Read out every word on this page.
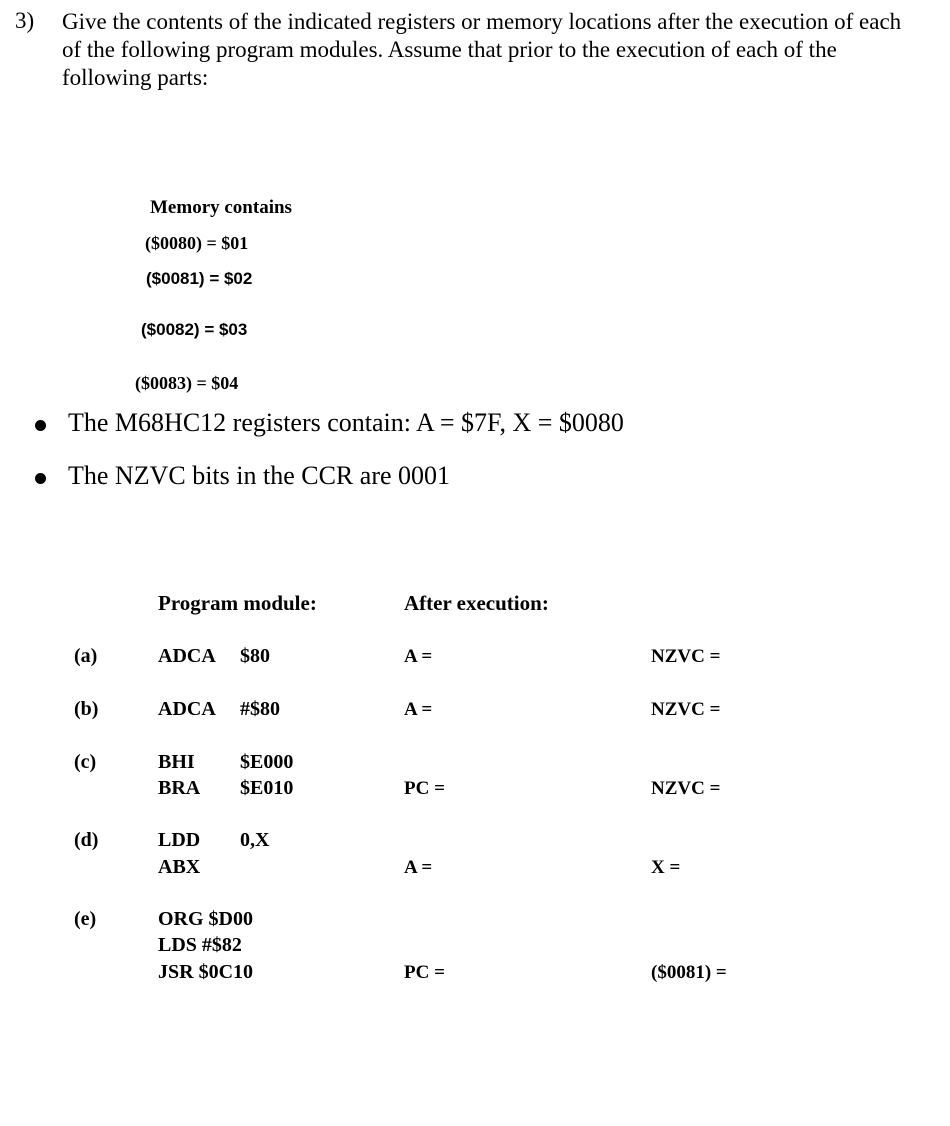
3) Give the contents of the indicated registers or memory locations after the execution of each of the following program modules. Assume that prior to the execution of each of the following parts:
Memory contains
($0080) = $01
($0081) = $02
($0082) = $03
($0083) = $04
The M68HC12 registers contain: A = $7F, X = $0080
The NZVC bits in the CCR are 0001
Program module:	After execution:
(a)	ADCA $80	A =	NZVC =
(b)	ADCA #$80	A =	NZVC =
(c)	BHI $E000
BRA $E010	PC =	NZVC =
(d)	LDD 0,X
ABX	A =	X =
(e)	ORG $D00
LDS #$82
JSR $0C10	PC =	($0081) =
